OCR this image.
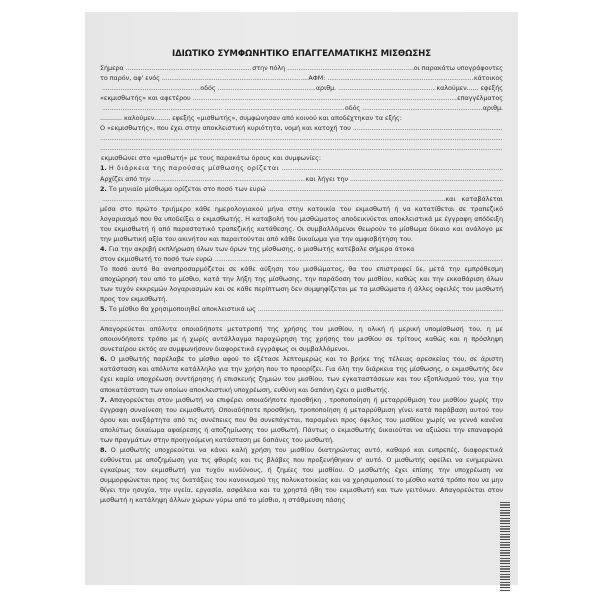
ΙΔΙΩΤΙΚΟ ΣΥΜΦΩΝΗΤΙΚΟ ΕΠΑΓΓΕΛΜΑΤΙΚΗΣ ΜΙΣΘΩΣΗΣ
Σήμερα .....	στην πόλη .....	οι παρακάτω υπογράφοντες
το παρόν, αφ' ενός .....	ΑΦΜ: .....	κάτοικος
.....
οδός .....	αριθμ. .....	καλούμεν...... εφεξής
«εκμισθωτής» και αφετέρου .....	επαγγέλματος
.....
.....
οδός .....	αριθμ.
........... καλούμεν........ εφεξής «μισθωτής», συμφώνησαν από κοινού και αποδέχτηκαν τα εξής:
Ο «εκμισθωτής», που έχει στην αποκλειστική κυριότητα, νομή και κατοχή του
.....
.....
.....
εκμισθώνει στο «μισθωτή» με τους παρακάτω όρους και συμφωνίες:
1. Η διάρκεια της παρούσας μίσθωσης ορίζεται
.....
Αρχίζει από την .....	και λήγει την
.....
2. Το μηνιαίο μίσθωμα ορίζεται στο ποσό των ευρώ
.....
.....
και καταβάλεται
μέσα στο πρώτο τριήμερο κάθε ημερολογιακού μήνα στην κατοικία του εκμισθωτή ή να κατατίθεται σε τραπεζικό λογαριασμό που θα υποδείξει ο εκμισθωτής. Η καταβολή του μισθώματος αποδεικνύεται αποκλειστικά με έγγραφη απόδειξη του εκμισθωτή ή από παραστατικό τραπεζικής κατάθεσης. Οι συμβαλλόμενοι θεωρούν το μίσθωμα δίκαιο και ανάλογο με την μισθωτική αξία του ακινήτου και παραιτούνται από κάθε δικαίωμα για την αμφισβήτηση του.
4. Για την ακριβή εκπλήρωση όλων των όρων της μίσθωσης, ο μισθωτής κατέβαλε σήμερα άτοκα
στον εκμισθωτή το ποσό των ευρώ
.....
Το ποσό αυτό θα αναπροσαρμόζεται σε κάθε αύξηση του μισθώματος, θα του επιστραφεί δε, μετά την εμπρόθεσμη αποχώρησή του από το μίσθιο, κατά την λήξη της μίσθωσης, την παράδοση του μισθίου, καθώς και την εκκαθάριση όλων των τυχόν εκκρεμών λογαριασμών και σε κάθε περίπτωση δεν συμψηφίζεται με τα μισθώματα ή άλλες οφειλές του μισθωτή προς τον εκμισθωτή.
5. Το μίσθιο θα χρησιμοποιηθεί αποκλειστικά ως
.....
.....
Απαγορεύεται απόλυτα οποιαδήποτε μετατροπή της χρήσης του μισθίου, η ολική ή μερική υπομίσθωσή του, η με οποιονδήποτε τρόπο με ή χωρίς αντάλλαγμα παραχώρηση της χρήσης του μισθίου σε τρίτους καθώς και η πρόσληψη συνεταίρου εκτός αν συμφωνήσουν διαφορετικά εγγράφως οι συμβαλλόμενοι.
6. Ο μισθωτής παρέλαβε το μίσθιο αφού το εξέτασε λεπτομερώς και το βρήκε της τέλειας αρεσκείας του, σε άριστη κατάσταση και απόλυτα κατάλληλο για την χρήση που το προορίζει. Για όλη την διάρκεια της μίσθωσης, ο εκμισθωτής δεν έχει καμία υποχρέωση συντήρησης ή επισκευής ζημιών του μισθίου, των εγκαταστάσεων και του εξοπλισμού του, για την αποκατάσταση των οποίων αποκλειστική υποχρέωση, ευθύνη και δαπάνη έχει ο μισθωτής.
7. Απαγορεύεται στον μισθωτή να επιφέρει οποιαδήποτε προσθήκη , τροποποίηση ή μεταρρύθμιση του μισθίου χωρίς την έγγραφη συναίνεση του εκμισθωτή. Οποιαδήποτε προσθήκη, τροποποίηση ή μεταρρύθμιση γίνει κατά παράβαση αυτού του όρου και ανεξάρτητα από τις συνέπειες που θα συνεπάγεται, παραμένει προς όφελος του μισθίου χωρίς να γεννά κανένα απολύτως δικαίωμα αφαίρεσης ή αποζημίωσης του μισθωτή. Πάντως ο εκμισθωτής δικαιούται να αξιώσει την επαναφορά των πραγμάτων στην προηγούμενη κατάσταση με δαπάνες του μισθωτή.
8. Ο μισθωτής υποχρεούται να κάνει καλή χρήση του μισθίου διατηρώντας αυτό, καθαρό και ευπρεπές, διαφορετικά ευθύνεται με αποζημίωση για τις φθορές και τις βλάβες που προξενήθηκαν σ' αυτό. Ο μισθωτής οφείλει να ενημερώνει εγκαίρως τον εκμισθωτή για τυχόν κινδύνους, ή ζημίες του μισθίου. Ο μισθωτής έχει επίσης την υποχρέωση να συμμορφώνεται προς τις διατάξεις του κανονισμού της πολυκατοικίας και να χρησιμοποιεί το μίσθιο κατά τρόπο που να μην θίγει την ησυχία, την υγεία, εργασία, ασφάλεια και τα χρηστά ήθη του εκμισθωτή και των γειτόνων. Απαγορεύεται στον μισθωτή η κατάληψη άλλων χώρων γύρω από το μίσθιο, η στάθμευση πάσης
